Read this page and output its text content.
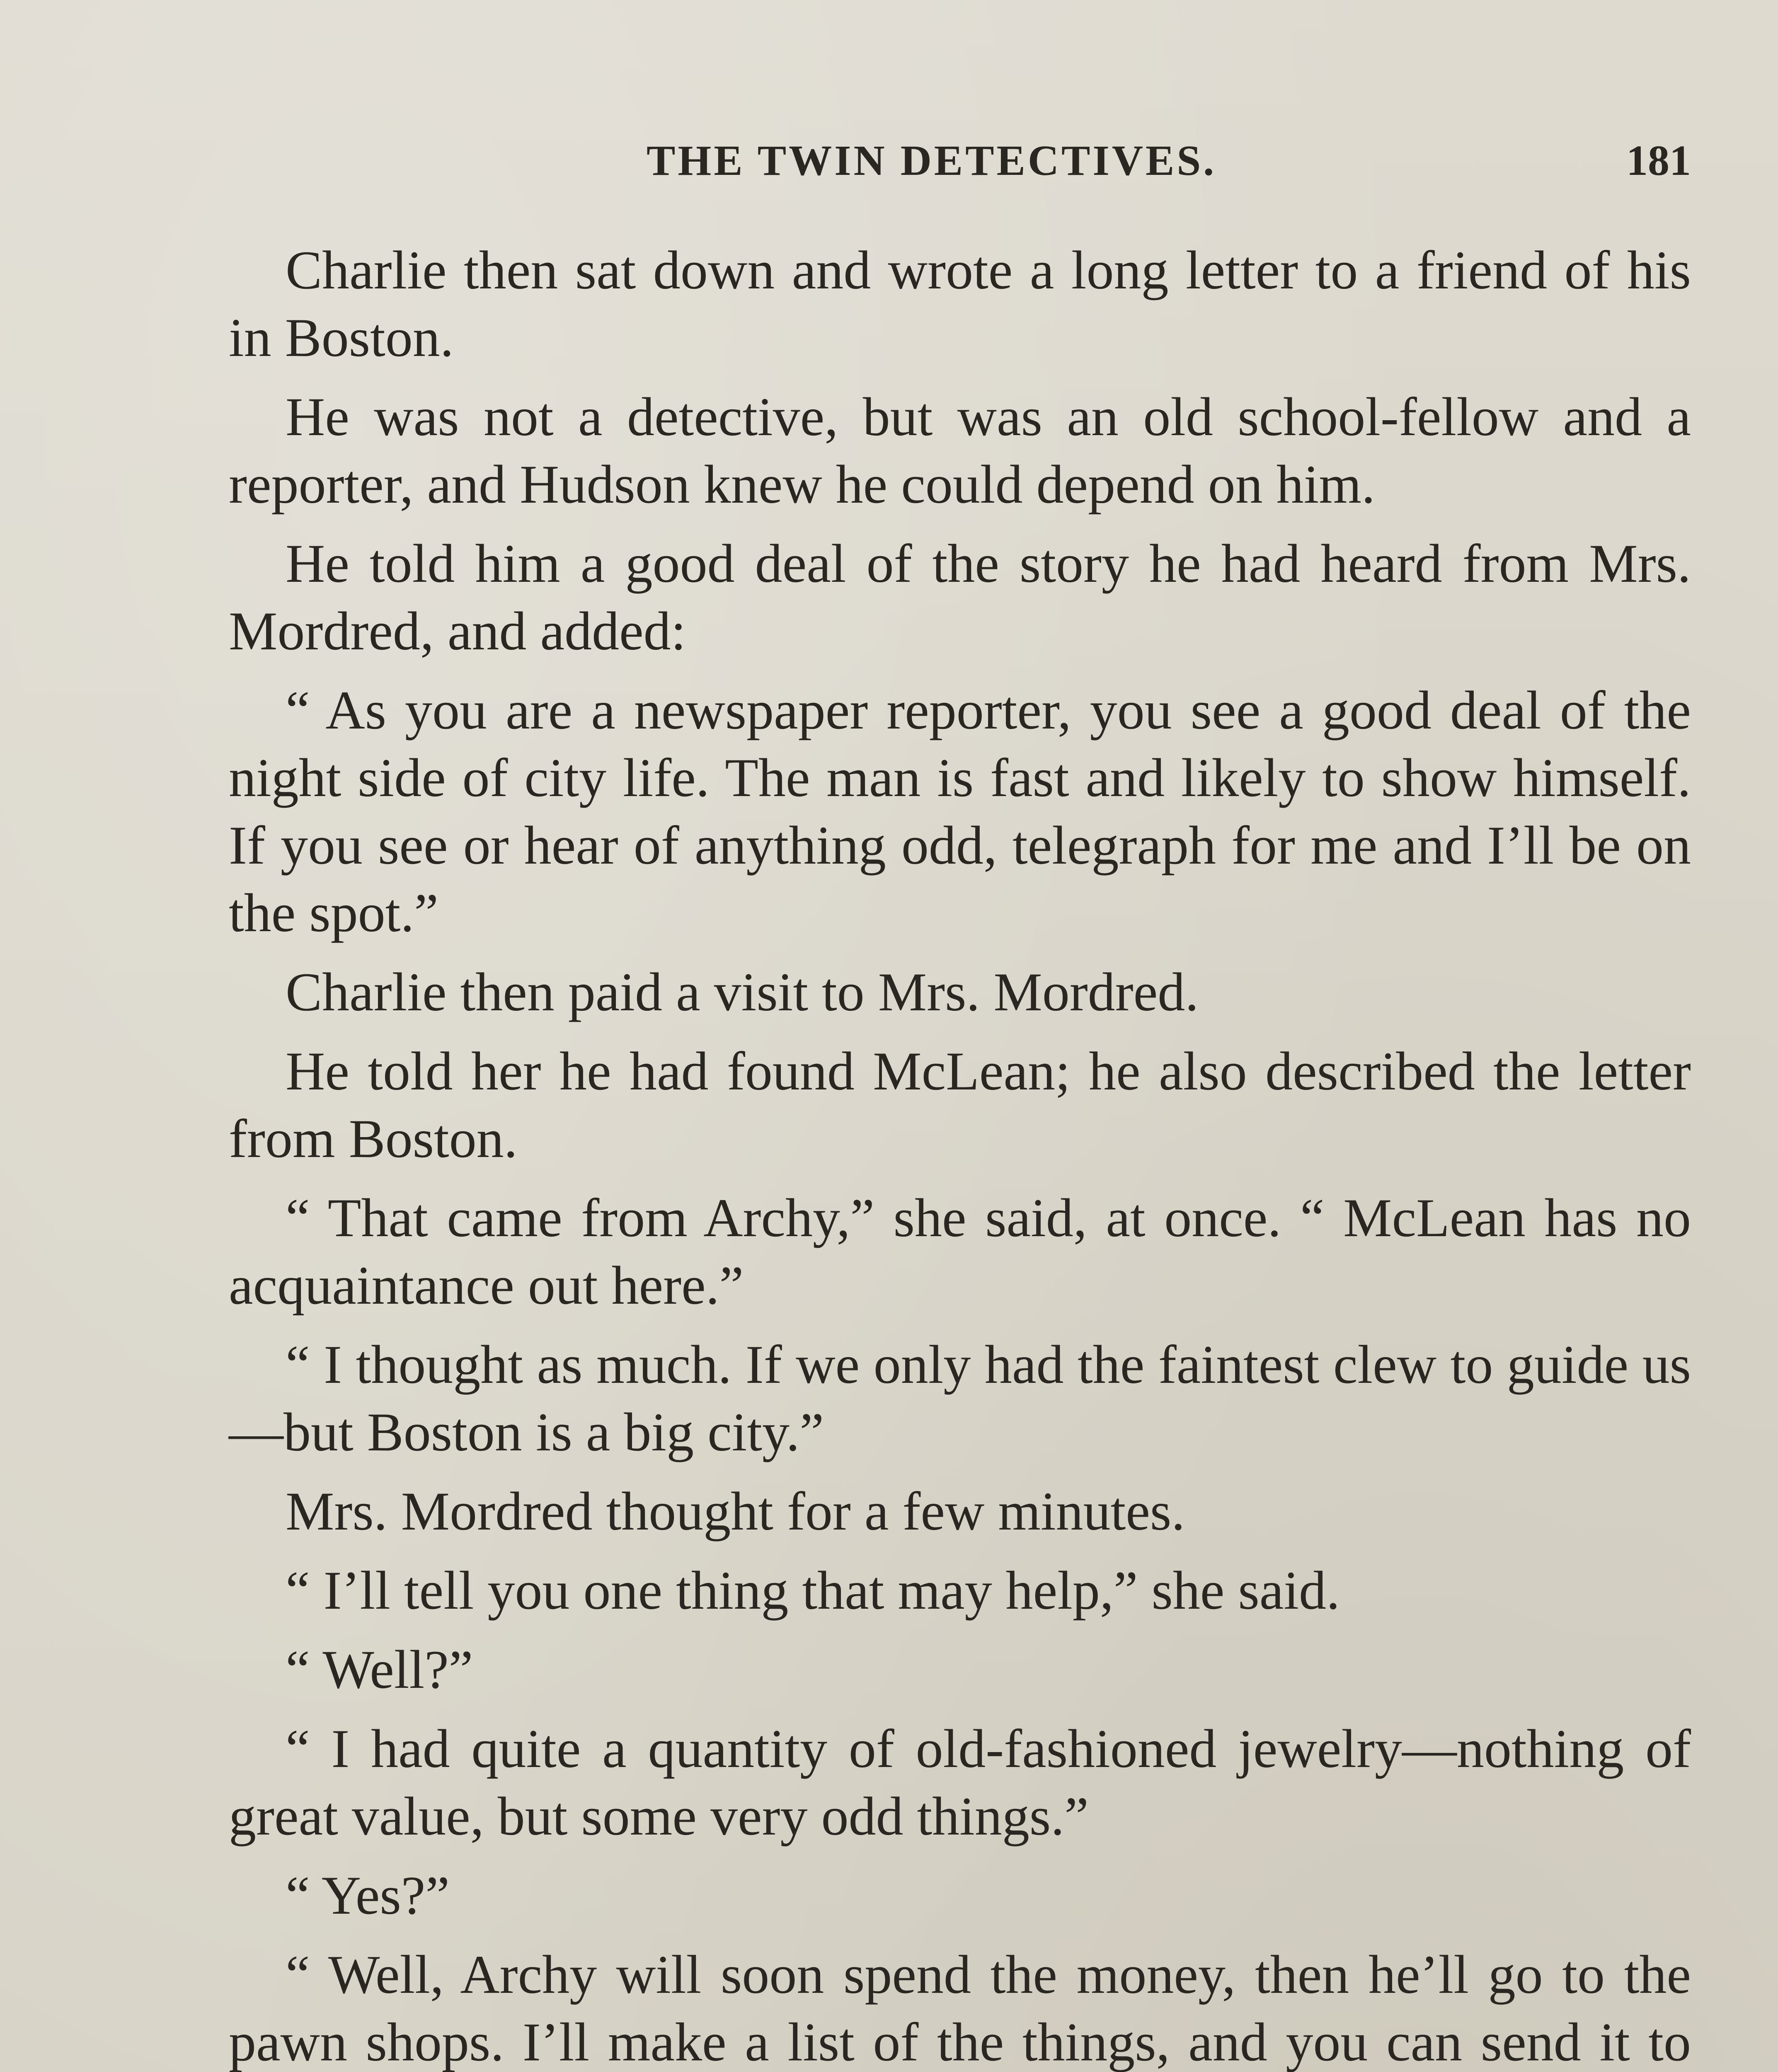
THE TWIN DETECTIVES.	181

Charlie then sat down and wrote a long letter to a friend of his in Boston.

He was not a detective, but was an old school-fellow and a reporter, and Hudson knew he could depend on him.

He told him a good deal of the story he had heard from Mrs. Mordred, and added:

“ As you are a newspaper reporter, you see a good deal of the night side of city life. The man is fast and likely to show himself. If you see or hear of anything odd, telegraph for me and I’ll be on the spot.”

Charlie then paid a visit to Mrs. Mordred.

He told her he had found McLean; he also described the letter from Boston.

“ That came from Archy,” she said, at once. “ McLean has no acquaintance out here.”

“ I thought as much. If we only had the faintest clew to guide us—but Boston is a big city.”

Mrs. Mordred thought for a few minutes.

“ I’ll tell you one thing that may help,” she said.

“ Well?”

“ I had quite a quantity of old-fashioned jewelry—nothing of great value, but some very odd things.”

“ Yes?”

“ Well, Archy will soon spend the money, then he’ll go to the pawn shops. I’ll make a list of the things, and you can send it to
